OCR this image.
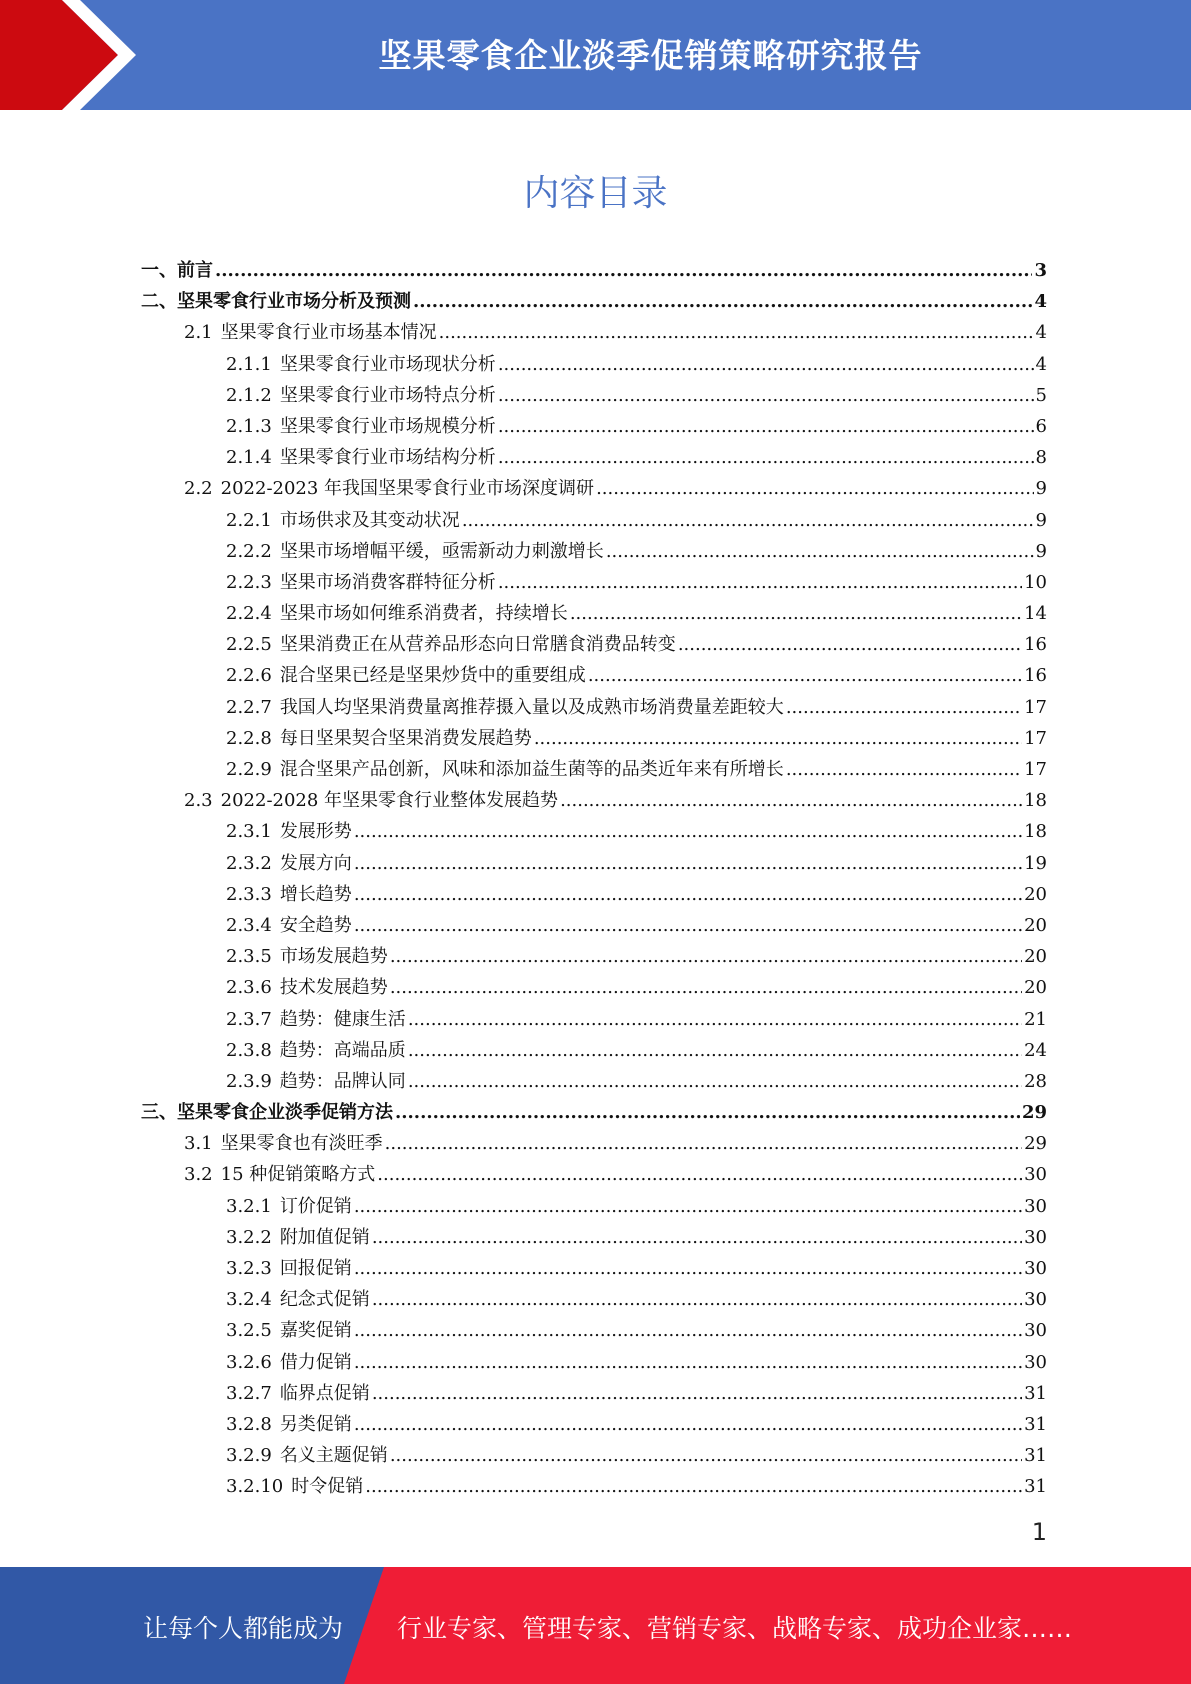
坚果零食企业淡季促销策略研究报告
内容目录
一、 前言 .....	3
二、 坚果零食行业市场分析及预测 .....	4
2.1 坚果零食行业市场基本情况 .....	4
2.1.1 坚果零食行业市场现状分析 .....	4
2.1.2 坚果零食行业市场特点分析 .....	5
2.1.3 坚果零食行业市场规模分析 .....	6
2.1.4 坚果零食行业市场结构分析 .....	8
2.2 2022-2023 年我国坚果零食行业市场深度调研 .....	9
2.2.1 市场供求及其变动状况 .....	9
2.2.2 坚果市场增幅平缓，亟需新动力刺激增长 .....	9
2.2.3 坚果市场消费客群特征分析 .....	10
2.2.4 坚果市场如何维系消费者，持续增长 .....	14
2.2.5 坚果消费正在从营养品形态向日常膳食消费品转变 .....	16
2.2.6 混合坚果已经是坚果炒货中的重要组成 .....	16
2.2.7 我国人均坚果消费量离推荐摄入量以及成熟市场消费量差距较大 .....	17
2.2.8 每日坚果契合坚果消费发展趋势 .....	17
2.2.9 混合坚果产品创新，风味和添加益生菌等的品类近年来有所增长 .....	17
2.3 2022-2028 年坚果零食行业整体发展趋势 .....	18
2.3.1 发展形势 .....	18
2.3.2 发展方向 .....	19
2.3.3 增长趋势 .....	20
2.3.4 安全趋势 .....	20
2.3.5 市场发展趋势 .....	20
2.3.6 技术发展趋势 .....	20
2.3.7 趋势：健康生活 .....	21
2.3.8 趋势：高端品质 .....	24
2.3.9 趋势：品牌认同 .....	28
三、 坚果零食企业淡季促销方法 .....	29
3.1 坚果零食也有淡旺季 .....	29
3.2 15 种促销策略方式 .....	30
3.2.1 订价促销 .....	30
3.2.2 附加值促销 .....	30
3.2.3 回报促销 .....	30
3.2.4 纪念式促销 .....	30
3.2.5 嘉奖促销 .....	30
3.2.6 借力促销 .....	30
3.2.7 临界点促销 .....	31
3.2.8 另类促销 .....	31
3.2.9 名义主题促销 .....	31
3.2.10 时令促销 .....	31
1
让每个人都能成为 行业专家、管理专家、营销专家、战略专家、成功企业家……
